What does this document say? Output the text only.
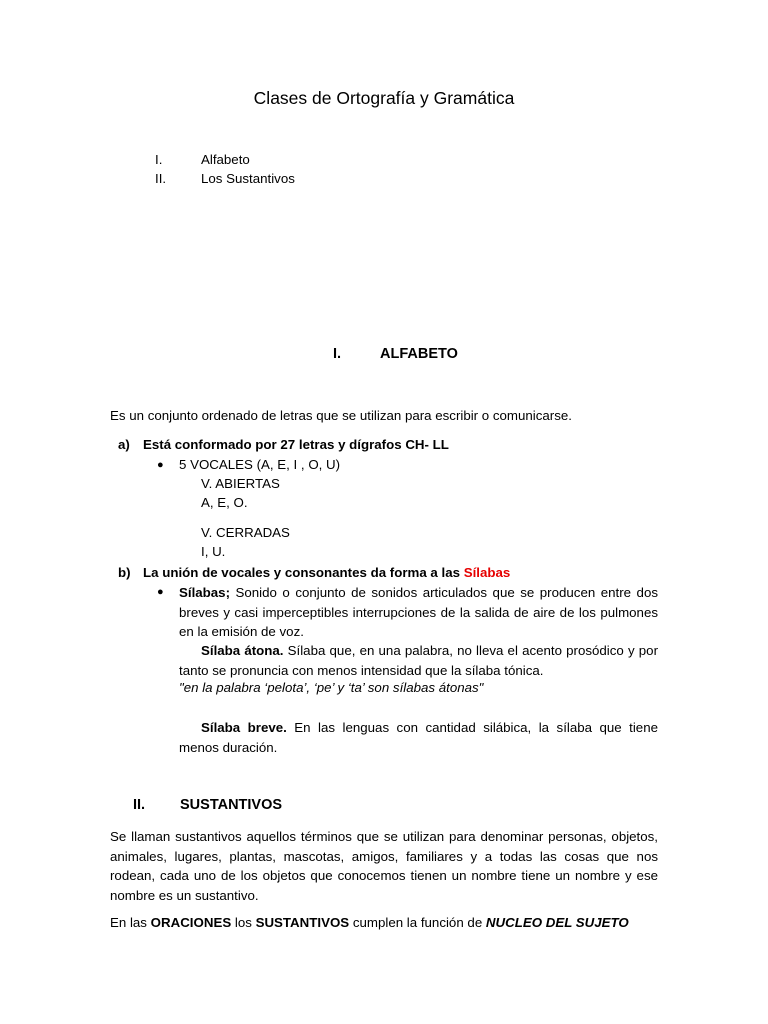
Clases de Ortografía y Gramática
I.	Alfabeto
II.	Los Sustantivos
I.	ALFABETO
Es un conjunto ordenado de letras que se utilizan para escribir o comunicarse.
a) Está conformado por 27 letras y dígrafos CH- LL
● 5 VOCALES (A, E, I , O, U)
V. ABIERTAS
A, E, O.
V. CERRADAS
I, U.
b) La unión de vocales y consonantes da forma a las Sílabas
● Sílabas; Sonido o conjunto de sonidos articulados que se producen entre dos breves y casi imperceptibles interrupciones de la salida de aire de los pulmones en la emisión de voz.
Sílaba átona. Sílaba que, en una palabra, no lleva el acento prosódico y por tanto se pronuncia con menos intensidad que la sílaba tónica.
"en la palabra ‘pelota’, ‘pe’ y ‘ta’ son sílabas átonas"
Sílaba breve. En las lenguas con cantidad silábica, la sílaba que tiene menos duración.
II. SUSTANTIVOS
Se llaman sustantivos aquellos términos que se utilizan para denominar personas, objetos, animales, lugares, plantas, mascotas, amigos, familiares y a todas las cosas que nos rodean, cada uno de los objetos que conocemos tienen un nombre tiene un nombre y ese nombre es un sustantivo.
En las ORACIONES los SUSTANTIVOS cumplen la función de NUCLEO DEL SUJETO
